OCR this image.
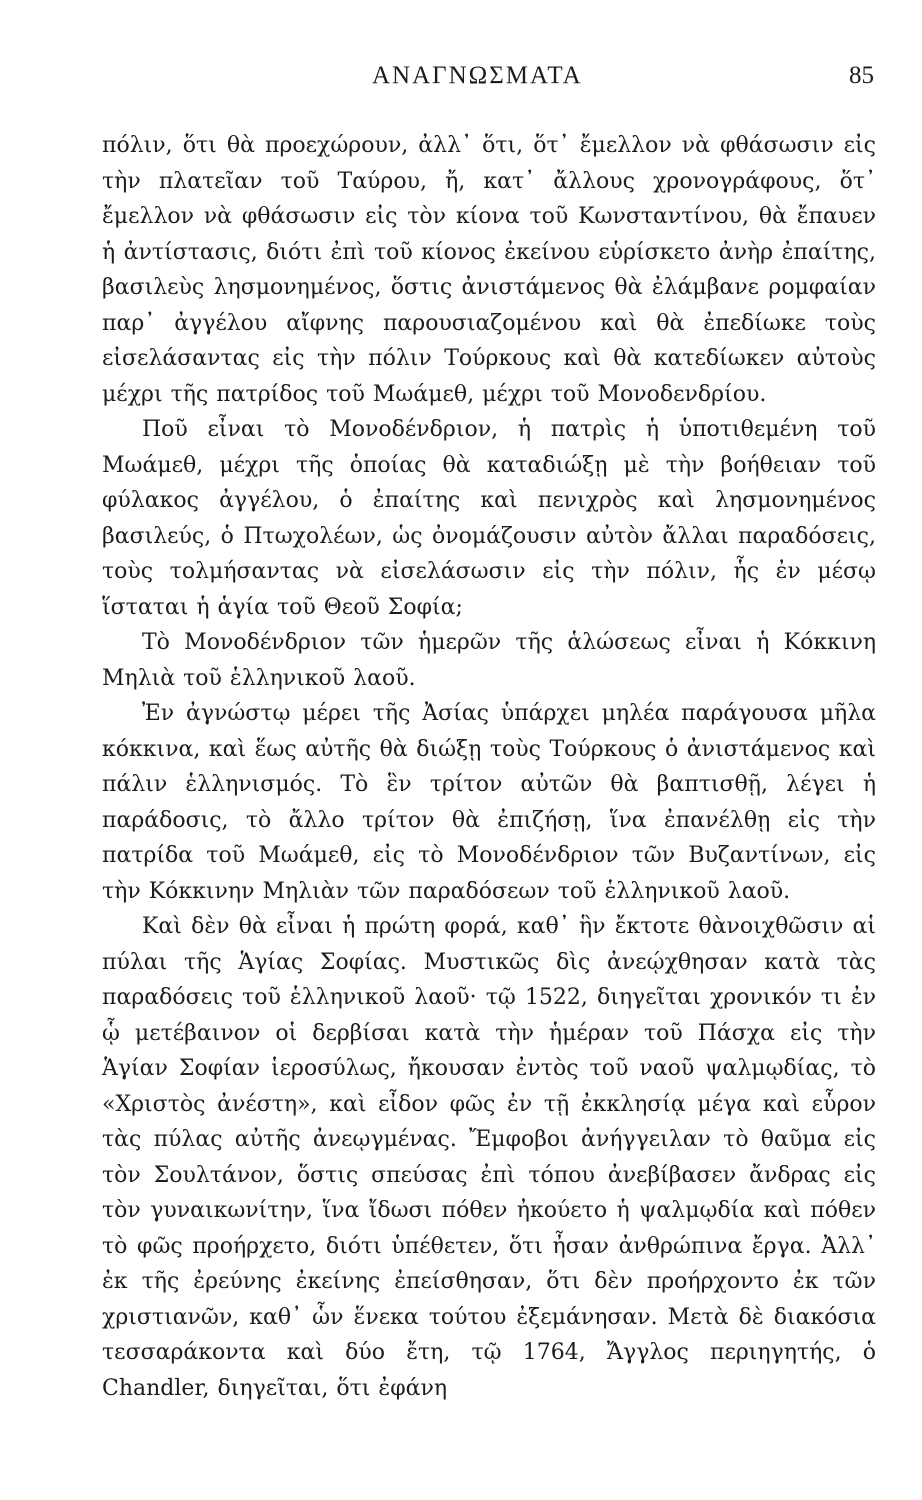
ΑΝΑΓΝΩΣΜΑΤΑ	85

πόλιν, ὅτι θὰ προεχώρουν, ἀλλ᾽ ὅτι, ὅτ᾽ ἔμελλον νὰ φθάσωσιν εἰς τὴν πλατεῖαν τοῦ Ταύρου, ἤ, κατ᾽ ἄλλους χρονογράφους, ὅτ᾽ ἔμελλον νὰ φθάσωσιν εἰς τὸν κίονα τοῦ Κωνσταντίνου, θὰ ἔπαυεν ἡ ἀντίστασις, διότι ἐπὶ τοῦ κίονος ἐκείνου εὑρίσκετο ἀνὴρ ἐπαίτης, βασιλεὺς λησμονημένος, ὅστις ἀνιστάμενος θὰ ἐλάμβανε ρομφαίαν παρ᾽ ἀγγέλου αἴφνης παρουσιαζομένου καὶ θὰ ἐπεδίωκε τοὺς εἰσελάσαντας εἰς τὴν πόλιν Τούρκους καὶ θὰ κατεδίωκεν αὐτοὺς μέχρι τῆς πατρίδος τοῦ Μωάμεθ, μέχρι τοῦ Μονοδενδρίου.

Ποῦ εἶναι τὸ Μονοδένδριον, ἡ πατρὶς ἡ ὑποτιθεμένη τοῦ Μωάμεθ, μέχρι τῆς ὁποίας θὰ καταδιώξῃ μὲ τὴν βοήθειαν τοῦ φύλακος ἀγγέλου, ὁ ἐπαίτης καὶ πενιχρὸς καὶ λησμονημένος βασιλεύς, ὁ Πτωχολέων, ὡς ὀνομάζουσιν αὐτὸν ἄλλαι παραδόσεις, τοὺς τολμήσαντας νὰ εἰσελάσωσιν εἰς τὴν πόλιν, ἧς ἐν μέσῳ ἵσταται ἡ ἁγία τοῦ Θεοῦ Σοφία;

Τὸ Μονοδένδριον τῶν ἡμερῶν τῆς ἁλώσεως εἶναι ἡ Κόκκινη Μηλιὰ τοῦ ἑλληνικοῦ λαοῦ.

Ἐν ἀγνώστῳ μέρει τῆς Ἀσίας ὑπάρχει μηλέα παράγουσα μῆλα κόκκινα, καὶ ἕως αὐτῆς θὰ διώξῃ τοὺς Τούρκους ὁ ἀνιστάμενος καὶ πάλιν ἑλληνισμός. Τὸ ἓν τρίτον αὐτῶν θὰ βαπτισθῇ, λέγει ἡ παράδοσις, τὸ ἄλλο τρίτον θὰ ἐπιζήσῃ, ἵνα ἐπανέλθῃ εἰς τὴν πατρίδα τοῦ Μωάμεθ, εἰς τὸ Μονοδένδριον τῶν Βυζαντίνων, εἰς τὴν Κόκκινην Μηλιὰν τῶν παραδόσεων τοῦ ἑλληνικοῦ λαοῦ.

Καὶ δὲν θὰ εἶναι ἡ πρώτη φορά, καθ᾽ ἣν ἔκτοτε θὰνοιχθῶσιν αἱ πύλαι τῆς Ἁγίας Σοφίας. Μυστικῶς δὶς ἀνεῴχθησαν κατὰ τὰς παραδόσεις τοῦ ἑλληνικοῦ λαοῦ· τῷ 1522, διηγεῖται χρονικόν τι ἐν ᾧ μετέβαινον οἱ δερβίσαι κατὰ τὴν ἡμέραν τοῦ Πάσχα εἰς τὴν Ἁγίαν Σοφίαν ἱεροσύλως, ἤκουσαν ἐντὸς τοῦ ναοῦ ψαλμῳδίας, τὸ «Χριστὸς ἀνέστη», καὶ εἶδον φῶς ἐν τῇ ἐκκλησίᾳ μέγα καὶ εὗρον τὰς πύλας αὐτῆς ἀνεῳγμένας. Ἔμφοβοι ἀνήγγειλαν τὸ θαῦμα εἰς τὸν Σουλτάνον, ὅστις σπεύσας ἐπὶ τόπου ἀνεβίβασεν ἄνδρας εἰς τὸν γυναικωνίτην, ἵνα ἴδωσι πόθεν ἠκούετο ἡ ψαλμῳδία καὶ πόθεν τὸ φῶς προήρχετο, διότι ὑπέθετεν, ὅτι ἦσαν ἀνθρώπινα ἔργα. Ἀλλ᾽ ἐκ τῆς ἐρεύνης ἐκείνης ἐπείσθησαν, ὅτι δὲν προήρχοντο ἐκ τῶν χριστιανῶν, καθ᾽ ὧν ἕνεκα τούτου ἐξεμάνησαν. Μετὰ δὲ διακόσια τεσσαράκοντα καὶ δύο ἔτη, τῷ 1764, Ἄγγλος περιηγητής, ὁ Chandler, διηγεῖται, ὅτι ἐφάνη
